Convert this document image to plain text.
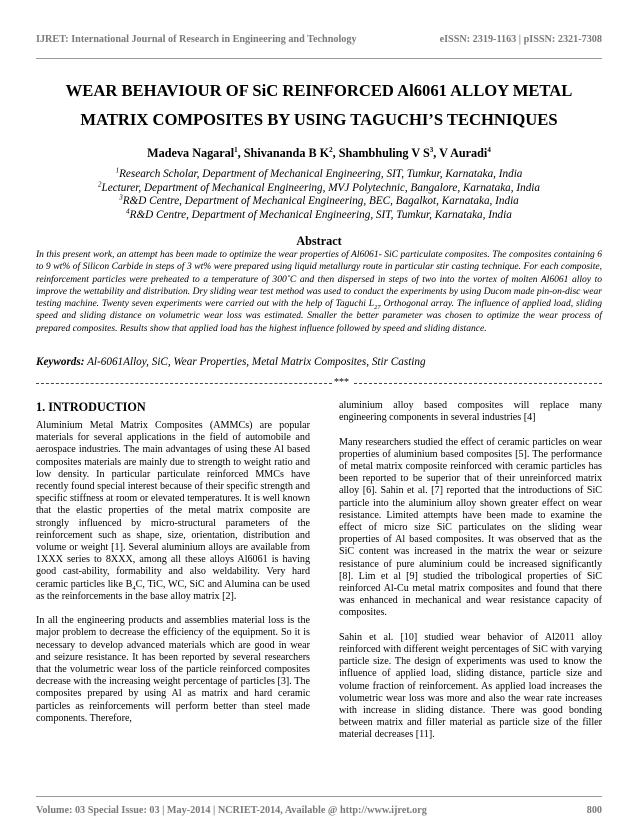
IJRET: International Journal of Research in Engineering and Technology	eISSN: 2319-1163 | pISSN: 2321-7308
WEAR BEHAVIOUR OF SiC REINFORCED Al6061 ALLOY METAL
MATRIX COMPOSITES BY USING TAGUCHI’S TECHNIQUES
Madeva Nagaral$^1$, Shivananda B $K^2$, Shambhuling V $S^3$, V Auradi$^4$
$^1$Research Scholar, Department of Mechanical Engineering, SIT, Tumkur, Karnataka, India
$^2$Lecturer, Department of Mechanical Engineering, MVJ Polytechnic, Bangalore, Karnataka, India
$^3$R&D Centre, Department of Mechanical Engineering, BEC, Bagalkot, Karnataka, India
$^4$R&D Centre, Department of Mechanical Engineering, SIT, Tumkur, Karnataka, India
Abstract
In this present work, an attempt has been made to optimize the wear properties of Al6061- SiC particulate composites. The composites containing 6 to 9 wt% of Silicon Carbide in steps of 3 wt% were prepared using liquid metallurgy route in particular stir casting technique. For each composite, reinforcement particles were preheated to a temperature of 300˚C and then dispersed in steps of two into the vortex of molten Al6061 alloy to improve the wettability and distribution. Dry sliding wear test method was used to conduct the experiments by using Ducom made pin-on-disc wear testing machine. Twenty seven experiments were carried out with the help of Taguchi $L_{27}$ Orthogonal array. The influence of applied load, sliding speed and sliding distance on volumetric wear loss was estimated. Smaller the better parameter was chosen to optimize the wear process of prepared composites. Results show that applied load has the highest influence followed by speed and sliding distance.
Keywords: Al-6061Alloy, SiC, Wear Properties, Metal Matrix Composites, Stir Casting
***
1. INTRODUCTION

Aluminium Metal Matrix Composites (AMMCs) are popular materials for several applications in the field of automobile and aerospace industries. The main advantages of using these Al based composites materials are mainly due to strength to weight ratio and low density. In particular particulate reinforced MMCs have recently found special interest because of their specific strength and specific stiffness at room or elevated temperatures. It is well known that the elastic properties of the metal matrix composite are strongly influenced by micro-structural parameters of the reinforcement such as shape, size, orientation, distribution and volume or weight [1]. Several aluminium alloys are available from 1XXX series to 8XXX, among all these alloys Al6061 is having good cast-ability, formability and also weldability. Very hard ceramic particles like $B_4C$, TiC, WC, SiC and Alumina can be used as the reinforcements in the base alloy matrix [2].

In all the engineering products and assemblies material loss is the major problem to decrease the efficiency of the equipment. So it is necessary to develop advanced materials which are good in wear and seizure resistance. It has been reported by several researchers that the volumetric wear loss of the particle reinforced composites decrease with the increasing weight percentage of particles [3]. The composites prepared by using Al as matrix and hard ceramic particles as reinforcements will perform better than steel made components. Therefore,

aluminium alloy based composites will replace many engineering components in several industries [4]

Many researchers studied the effect of ceramic particles on wear properties of aluminium based composites [5]. The performance of metal matrix composite reinforced with ceramic particles has been reported to be superior that of their unreinforced matrix alloy [6]. Sahin et al. [7] reported that the introductions of SiC particle into the aluminium alloy shown greater effect on wear resistance. Limited attempts have been made to examine the effect of micro size SiC particulates on the sliding wear properties of Al based composites. It was observed that as the SiC content was increased in the matrix the wear or seizure resistance of pure aluminium could be increased significantly [8]. Lim et al [9] studied the tribological properties of SiC reinforced Al-Cu metal matrix composites and found that there was enhanced in mechanical and wear resistance capacity of composites.

Sahin et al. [10] studied wear behavior of Al2011 alloy reinforced with different weight percentages of SiC with varying particle size. The design of experiments was used to know the influence of applied load, sliding distance, particle size and volume fraction of reinforcement. As applied load increases the volumetric wear loss was more and also the wear rate increases with increase in sliding distance. There was good bonding between matrix and filler material as particle size of the filler material decreases [11].

Volume: 03 Special Issue: 03 | May-2014 | NCRIET-2014, Available @ http://www.ijret.org	800
